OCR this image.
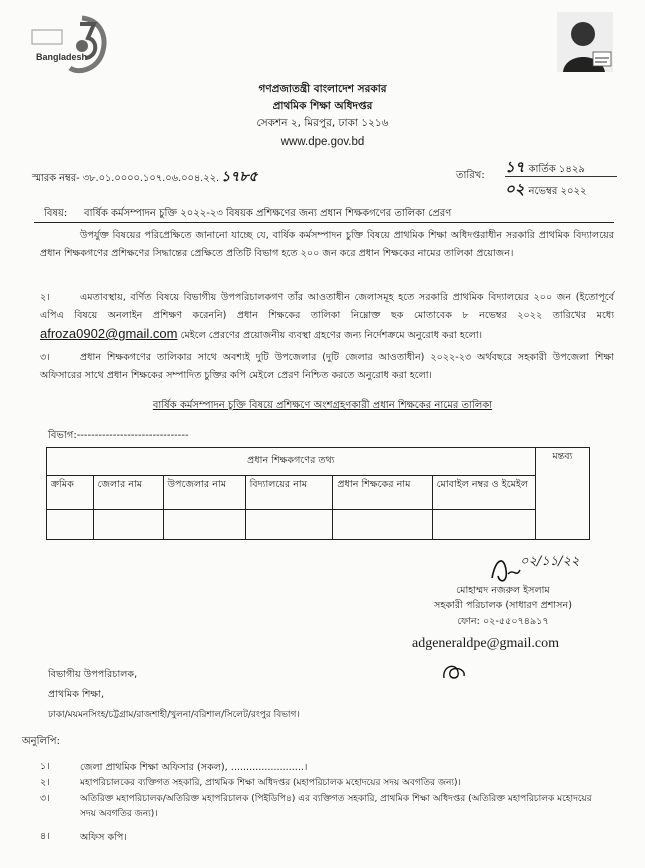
Bangladesh
গণপ্রজাতন্ত্রী বাংলাদেশ সরকার
প্রাথমিক শিক্ষা অধিদপ্তর
সেকশন ২, মিরপুর, ঢাকা ১২১৬
www.dpe.gov.bd
স্মারক নম্বর- ৩৮.০১.০০০০.১০৭.০৬.০০৪.২২. ১৭৮৫	তারিখ: ১৭ কার্তিক ১৪২৯
০২ নভেম্বর ২০২২
বিষয়: বার্ষিক কর্মসম্পাদন চুক্তি ২০২২-২৩ বিষয়ক প্রশিক্ষণের জন্য প্রধান শিক্ষকগণের তালিকা প্রেরণ
উপর্যুক্ত বিষয়ের পরিপ্রেক্ষিতে জানানো যাচ্ছে যে, বার্ষিক কর্মসম্পাদন চুক্তি বিষয়ে প্রাথমিক শিক্ষা অধিদপ্তরাধীন সরকারি প্রাথমিক বিদ্যালয়ের প্রধান শিক্ষকগণের প্রশিক্ষণের সিদ্ধান্তের প্রেক্ষিতে প্রতিটি বিভাগ হতে ২০০ জন করে প্রধান শিক্ষকের নামের তালিকা প্রয়োজন।
২।	এমতাবস্থায়, বর্ণিত বিষয়ে বিভাগীয় উপপরিচালকগণ তাঁর আওতাধীন জেলাসমূহ হতে সরকারি প্রাথমিক বিদ্যালয়ের ২০০ জন (ইতোপূর্বে এপিএ বিষয়ে অনলাইন প্রশিক্ষণ করেননি) প্রধান শিক্ষকের তালিকা নিম্নোক্ত ছক মোতাবেক ৮ নভেম্বর ২০২২ তারিখের মধ্যে afroza0902@gmail.com মেইলে প্রেরণের প্রয়োজনীয় ব্যবস্থা গ্রহণের জন্য নির্দেশক্রমে অনুরোধ করা হলো।
৩।	প্রধান শিক্ষকগণের তালিকার সাথে অবশ্যই দুটি উপজেলার (দুটি জেলার আওতাধীন) ২০২২-২৩ অর্থবছরে সহকারী উপজেলা শিক্ষা অফিসারের সাথে প্রধান শিক্ষকের সম্পাদিত চুক্তির কপি মেইলে প্রেরণ নিশ্চিত করতে অনুরোধ করা হলো।
বার্ষিক কর্মসম্পাদন চুক্তি বিষয়ে প্রশিক্ষণে অংশগ্রহণকারী প্রধান শিক্ষকের নামের তালিকা
বিভাগ:-------------------------------
প্রধান শিক্ষকগণের তথ্য						মন্তব্য
ক্রমিক	জেলার নাম	উপজেলার নাম	বিদ্যালয়ের নাম	প্রধান শিক্ষকের নাম	মোবাইল নম্বর ও ইমেইল	

০২/১১/২২
মোহাম্মদ নজরুল ইসলাম
সহকারী পরিচালক (সাধারণ প্রশাসন)
ফোন: ০২-৫৫০৭৪৯১৭
adgeneraldpe@gmail.com
বিভাগীয় উপপরিচালক,
প্রাথমিক শিক্ষা,
ঢাকা/ময়মনসিংহ/চট্টগ্রাম/রাজশাহী/খুলনা/বরিশাল/সিলেট/রংপুর বিভাগ।
অনুলিপি:
১।	জেলা প্রাথমিক শিক্ষা অফিসার (সকল), ........................।
২।	মহাপরিচালকের ব্যক্তিগত সহকারি, প্রাথমিক শিক্ষা অধিদপ্তর (মহাপরিচালক মহোদয়ের সদয় অবগতির জন্য)।
৩।	অতিরিক্ত মহাপরিচালক/অতিরিক্ত মহাপরিচালক (পিইডিপি৪) এর ব্যক্তিগত সহকারি, প্রাথমিক শিক্ষা অধিদপ্তর (অতিরিক্ত মহাপরিচালক মহোদয়ের সদয় অবগতির জন্য)।
৪।	অফিস কপি।
